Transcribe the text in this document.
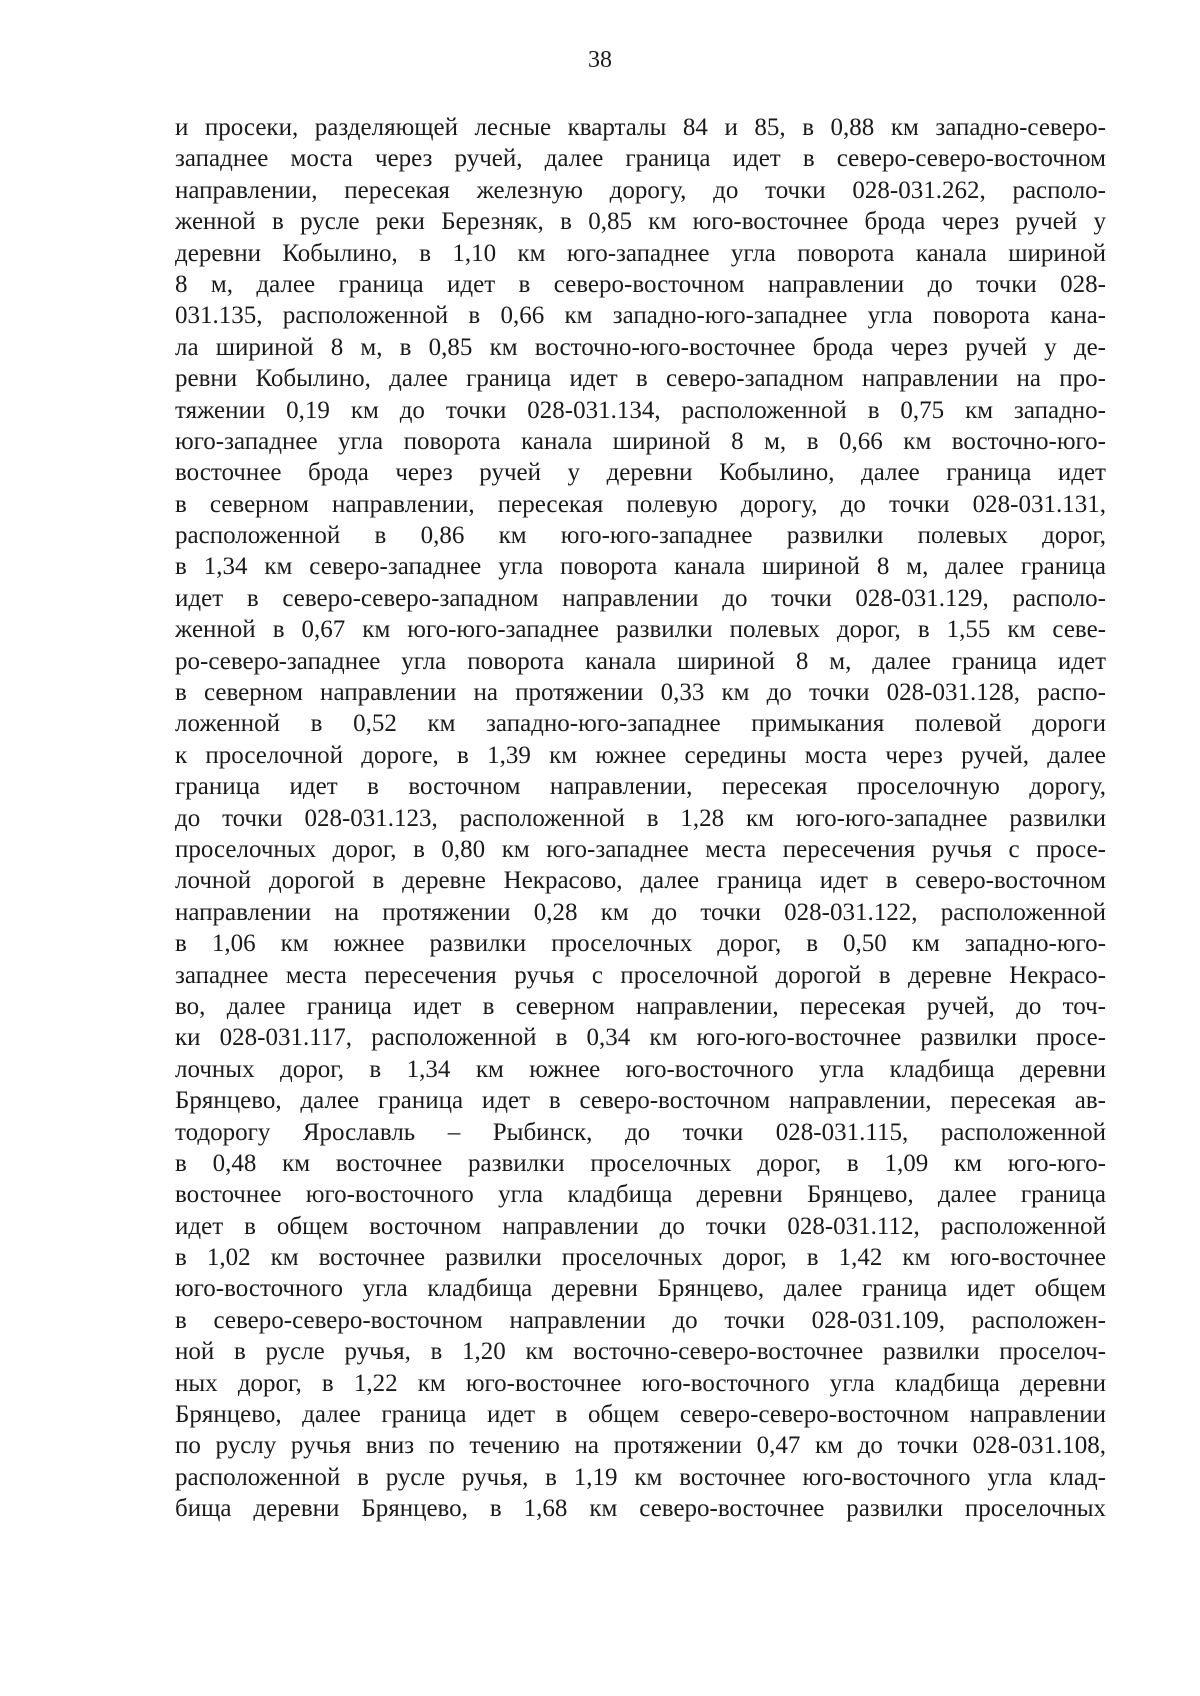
38
и просеки, разделяющей лесные кварталы 84 и 85, в 0,88 км западно-северо-
западнее моста через ручей, далее граница идет в северо-северо-восточном
направлении, пересекая железную дорогу, до точки 028-031.262, располо-
женной в русле реки Березняк, в 0,85 км юго-восточнее брода через ручей у
деревни Кобылино, в 1,10 км юго-западнее угла поворота канала шириной
8 м, далее граница идет в северо-восточном направлении до точки 028-
031.135, расположенной в 0,66 км западно-юго-западнее угла поворота кана-
ла шириной 8 м, в 0,85 км восточно-юго-восточнее брода через ручей у де-
ревни Кобылино, далее граница идет в северо-западном направлении на про-
тяжении 0,19 км до точки 028-031.134, расположенной в 0,75 км западно-
юго-западнее угла поворота канала шириной 8 м, в 0,66 км восточно-юго-
восточнее брода через ручей у деревни Кобылино, далее граница идет
в северном направлении, пересекая полевую дорогу, до точки 028-031.131,
расположенной в 0,86 км юго-юго-западнее развилки полевых дорог,
в 1,34 км северо-западнее угла поворота канала шириной 8 м, далее граница
идет в северо-северо-западном направлении до точки 028-031.129, располо-
женной в 0,67 км юго-юго-западнее развилки полевых дорог, в 1,55 км севе-
ро-северо-западнее угла поворота канала шириной 8 м, далее граница идет
в северном направлении на протяжении 0,33 км до точки 028-031.128, распо-
ложенной в 0,52 км западно-юго-западнее примыкания полевой дороги
к проселочной дороге, в 1,39 км южнее середины моста через ручей, далее
граница идет в восточном направлении, пересекая проселочную дорогу,
до точки 028-031.123, расположенной в 1,28 км юго-юго-западнее развилки
проселочных дорог, в 0,80 км юго-западнее места пересечения ручья с просе-
лочной дорогой в деревне Некрасово, далее граница идет в северо-восточном
направлении на протяжении 0,28 км до точки 028-031.122, расположенной
в 1,06 км южнее развилки проселочных дорог, в 0,50 км западно-юго-
западнее места пересечения ручья с проселочной дорогой в деревне Некрасо-
во, далее граница идет в северном направлении, пересекая ручей, до точ-
ки 028-031.117, расположенной в 0,34 км юго-юго-восточнее развилки просе-
лочных дорог, в 1,34 км южнее юго-восточного угла кладбища деревни
Брянцево, далее граница идет в северо-восточном направлении, пересекая ав-
тодорогу Ярославль – Рыбинск, до точки 028-031.115, расположенной
в 0,48 км восточнее развилки проселочных дорог, в 1,09 км юго-юго-
восточнее юго-восточного угла кладбища деревни Брянцево, далее граница
идет в общем восточном направлении до точки 028-031.112, расположенной
в 1,02 км восточнее развилки проселочных дорог, в 1,42 км юго-восточнее
юго-восточного угла кладбища деревни Брянцево, далее граница идет общем
в северо-северо-восточном направлении до точки 028-031.109, расположен-
ной в русле ручья, в 1,20 км восточно-северо-восточнее развилки проселоч-
ных дорог, в 1,22 км юго-восточнее юго-восточного угла кладбища деревни
Брянцево, далее граница идет в общем северо-северо-восточном направлении
по руслу ручья вниз по течению на протяжении 0,47 км до точки 028-031.108,
расположенной в русле ручья, в 1,19 км восточнее юго-восточного угла клад-
бища деревни Брянцево, в 1,68 км северо-восточнее развилки проселочных
